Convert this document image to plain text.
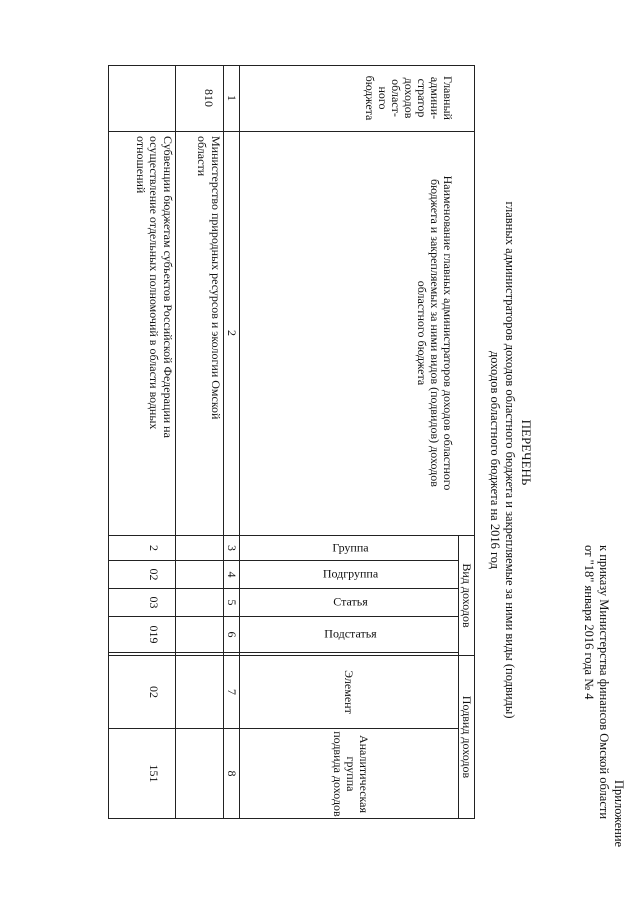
Приложение
к приказу Министерства финансов Омской области
от "18" января 2016 года № 4
ПЕРЕЧЕНЬ
главных администраторов доходов областного бюджета и закрепляемые за ними виды (подвиды)
доходов областного бюджета на 2016 год
Главный
админи-
стратор
доходов
област-
ного
бюджета
Наименование главных администраторов доходов областного
бюджета и закрепляемых за ними видов (подвидов) доходов
областного бюджета
Вид доходов
Подвид доходов
Группа
Подгруппа
Статья
Подстатья
Элемент
Аналитическая группа
подвида доходов
1
2
3
4
5
6
7
8
810
Министерство природных ресурсов и экологии Омской
области
Субвенции бюджетам субъектов Российской Федерации на
осуществление отдельных полномочий в области водных
отношений
2
02
03
019
02
151
